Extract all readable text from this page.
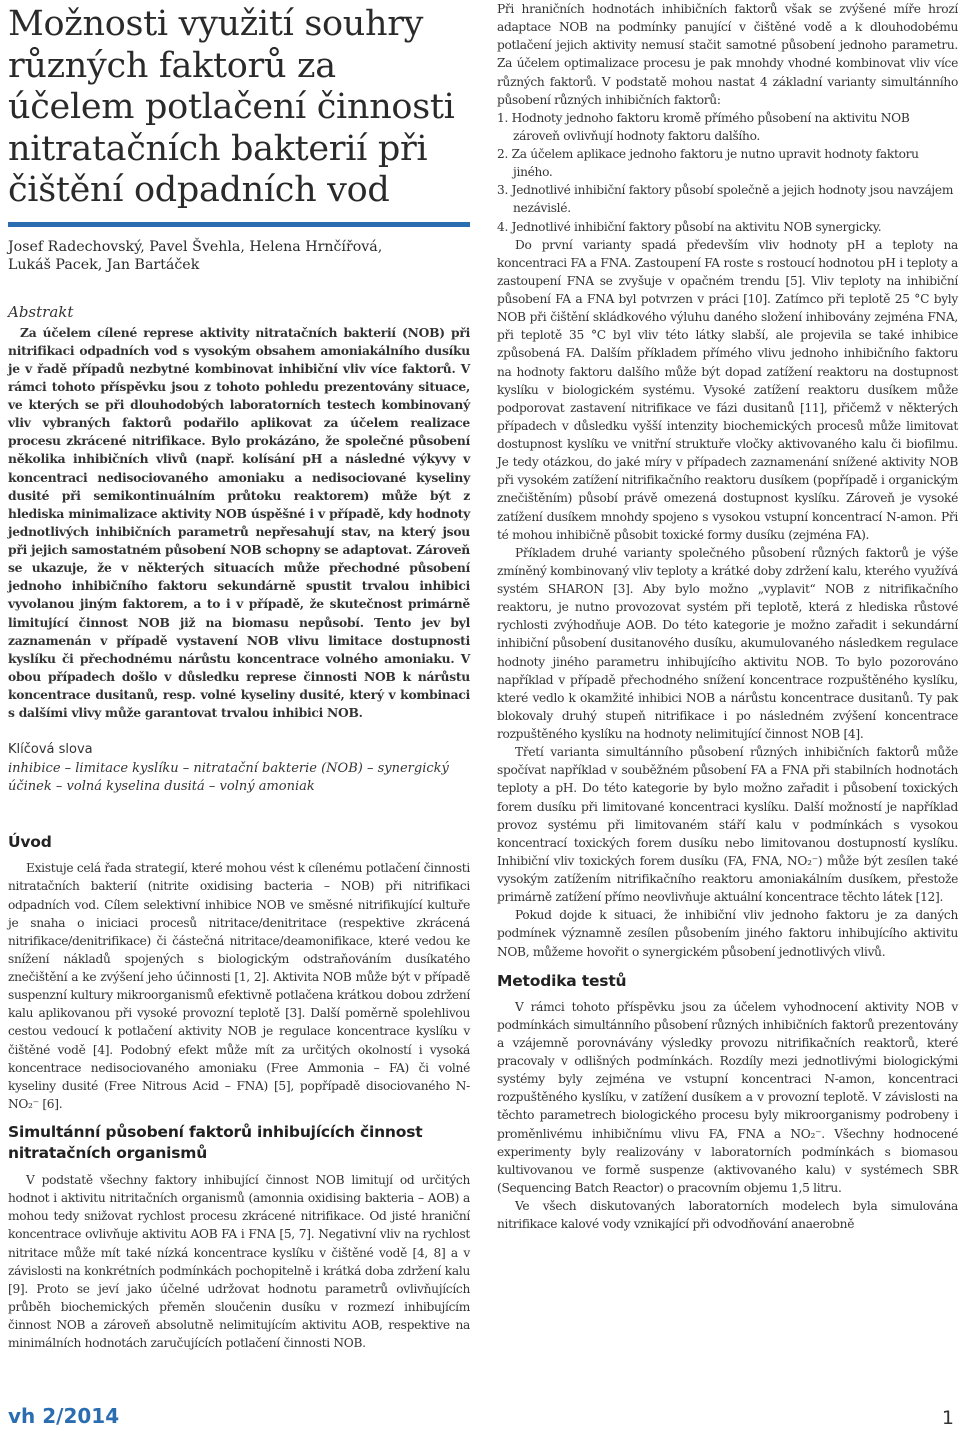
Možnosti využití souhry různých faktorů za účelem potlačení činnosti nitratačních bakterií při čištění odpadních vod
Josef Radechovský, Pavel Švehla, Helena Hrnčířová,
Lukáš Pacek, Jan Bartáček
Abstrakt

Za účelem cílené represe aktivity nitratačních bakterií (NOB) při nitrifikaci odpadních vod s vysokým obsahem amoniakálního dusíku je v řadě případů nezbytné kombinovat inhibiční vliv více faktorů. V rámci tohoto příspěvku jsou z tohoto pohledu prezentovány situace, ve kterých se při dlouhodobých laboratorních testech kombinovaný vliv vybraných faktorů podařilo aplikovat za účelem realizace procesu zkrácené nitrifikace. Bylo prokázáno, že společné působení několika inhibičních vlivů (např. kolísání pH a následné výkyvy v koncentraci nedisociovaného amoniaku a nedisociované kyseliny dusité při semikontinuálním průtoku reaktorem) může být z hlediska minimalizace aktivity NOB úspěšné i v případě, kdy hodnoty jednotlivých inhibičních parametrů nepřesahují stav, na který jsou při jejich samostatném působení NOB schopny se adaptovat. Zároveň se ukazuje, že v některých situacích může přechodné působení jednoho inhibičního faktoru sekundárně spustit trvalou inhibici vyvolanou jiným faktorem, a to i v případě, že skutečnost primárně limitující činnost NOB již na biomasu nepůsobí. Tento jev byl zaznamenán v případě vystavení NOB vlivu limitace dostupnosti kyslíku či přechodnému nárůstu koncentrace volného amoniaku. V obou případech došlo v důsledku represe činnosti NOB k nárůstu koncentrace dusitanů, resp. volné kyseliny dusité, který v kombinaci s dalšími vlivy může garantovat trvalou inhibici NOB.

Klíčová slova
inhibice – limitace kyslíku – nitratační bakterie (NOB) – synergický účinek – volná kyselina dusitá – volný amoniak
Úvod

Existuje celá řada strategií, které mohou vést k cílenému potlačení činnosti nitratačních bakterií (nitrite oxidising bacteria – NOB) při nitrifikaci odpadních vod. Cílem selektivní inhibice NOB ve směsné nitrifikující kultuře je snaha o iniciaci procesů nitritace/denitritace (respektive zkrácená nitrifikace/denitrifikace) či částečná nitritace/deamonifikace, které vedou ke snížení nákladů spojených s biologickým odstraňováním dusíkatého znečištění a ke zvýšení jeho účinnosti [1, 2]. Aktivita NOB může být v případě suspenzní kultury mikroorganismů efektivně potlačena krátkou dobou zdržení kalu aplikovanou při vysoké provozní teplotě [3]. Další poměrně spolehlivou cestou vedoucí k potlačení aktivity NOB je regulace koncentrace kyslíku v čištěné vodě [4]. Podobný efekt může mít za určitých okolností i vysoká koncentrace nedisociovaného amoniaku (Free Ammonia – FA) či volné kyseliny dusité (Free Nitrous Acid – FNA) [5], popřípadě disociovaného N-NO₂⁻ [6].

Simultánní působení faktorů inhibujících činnost nitratačních organismů

V podstatě všechny faktory inhibující činnost NOB limitují od určitých hodnot i aktivitu nitritačních organismů (amonnia oxidising bakteria – AOB) a mohou tedy snižovat rychlost procesu zkrácené nitrifikace. Od jisté hraniční koncentrace ovlivňuje aktivitu AOB FA i FNA [5, 7]. Negativní vliv na rychlost nitritace může mít také nízká koncentrace kyslíku v čištěné vodě [4, 8] a v závislosti na konkrétních podmínkách pochopitelně i krátká doba zdržení kalu [9]. Proto se jeví jako účelné udržovat hodnotu parametrů ovlivňujících průběh biochemických přeměn sloučenin dusíku v rozmezí inhibujícím činnost NOB a zároveň absolutně nelimitujícím aktivitu AOB, respektive na minimálních hodnotách zaručujících potlačení činnosti NOB.

Při hraničních hodnotách inhibičních faktorů však se zvýšené míře hrozí adaptace NOB na podmínky panující v čištěné vodě a k dlouhodobému potlačení jejich aktivity nemusí stačit samotné působení jednoho parametru. Za účelem optimalizace procesu je pak mnohdy vhodné kombinovat vliv více různých faktorů. V podstatě mohou nastat 4 základní varianty simultánního působení různých inhibičních faktorů:

1. Hodnoty jednoho faktoru kromě přímého působení na aktivitu NOB zároveň ovlivňují hodnoty faktoru dalšího.
2. Za účelem aplikace jednoho faktoru je nutno upravit hodnoty faktoru jiného.
3. Jednotlivé inhibiční faktory působí společně a jejich hodnoty jsou navzájem nezávislé.
4. Jednotlivé inhibiční faktory působí na aktivitu NOB synergicky.

Do první varianty spadá především vliv hodnoty pH a teploty na koncentraci FA a FNA. Zastoupení FA roste s rostoucí hodnotou pH i teploty a zastoupení FNA se zvyšuje v opačném trendu [5]. Vliv teploty na inhibiční působení FA a FNA byl potvrzen v práci [10]. Zatímco při teplotě 25 °C byly NOB při čištění skládkového výluhu daného složení inhibovány zejména FNA, při teplotě 35 °C byl vliv této látky slabší, ale projevila se také inhibice způsobená FA. Dalším příkladem přímého vlivu jednoho inhibičního faktoru na hodnoty faktoru dalšího může být dopad zatížení reaktoru na dostupnost kyslíku v biologickém systému. Vysoké zatížení reaktoru dusíkem může podporovat zastavení nitrifikace ve fázi dusitanů [11], přičemž v některých případech v důsledku vyšší intenzity biochemických procesů může limitovat dostupnost kyslíku ve vnitřní struktuře vločky aktivovaného kalu či biofilmu. Je tedy otázkou, do jaké míry v případech zaznamenání snížené aktivity NOB při vysokém zatížení nitrifikačního reaktoru dusíkem (popřípadě i organickým znečištěním) působí právě omezená dostupnost kyslíku. Zároveň je vysoké zatížení dusíkem mnohdy spojeno s vysokou vstupní koncentrací N-amon. Při té mohou inhibičně působit toxické formy dusíku (zejména FA).

Příkladem druhé varianty společného působení různých faktorů je výše zmíněný kombinovaný vliv teploty a krátké doby zdržení kalu, kterého využívá systém SHARON [3]. Aby bylo možno „vyplavit“ NOB z nitrifikačního reaktoru, je nutno provozovat systém při teplotě, která z hlediska růstové rychlosti zvýhodňuje AOB. Do této kategorie je možno zařadit i sekundární inhibiční působení dusitanového dusíku, akumulovaného následkem regulace hodnoty jiného parametru inhibujícího aktivitu NOB. To bylo pozorováno například v případě přechodného snížení koncentrace rozpuštěného kyslíku, které vedlo k okamžité inhibici NOB a nárůstu koncentrace dusitanů. Ty pak blokovaly druhý stupeň nitrifikace i po následném zvýšení koncentrace rozpuštěného kyslíku na hodnoty nelimitující činnost NOB [4].

Třetí varianta simultánního působení různých inhibičních faktorů může spočívat například v souběžném působení FA a FNA při stabilních hodnotách teploty a pH. Do této kategorie by bylo možno zařadit i působení toxických forem dusíku při limitované koncentraci kyslíku. Další možností je například provoz systému při limitovaném stáří kalu v podmínkách s vysokou koncentrací toxických forem dusíku nebo limitovanou dostupností kyslíku. Inhibiční vliv toxických forem dusíku (FA, FNA, NO₂⁻) může být zesílen také vysokým zatížením nitrifikačního reaktoru amoniakálním dusíkem, přestože primárně zatížení přímo neovlivňuje aktuální koncentrace těchto látek [12].

Pokud dojde k situaci, že inhibiční vliv jednoho faktoru je za daných podmínek významně zesílen působením jiného faktoru inhibujícího aktivitu NOB, můžeme hovořit o synergickém působení jednotlivých vlivů.

Metodika testů

V rámci tohoto příspěvku jsou za účelem vyhodnocení aktivity NOB v podmínkách simultánního působení různých inhibičních faktorů prezentovány a vzájemně porovnávány výsledky provozu nitrifikačních reaktorů, které pracovaly v odlišných podmínkách. Rozdíly mezi jednotlivými biologickými systémy byly zejména ve vstupní koncentraci N-amon, koncentraci rozpuštěného kyslíku, v zatížení dusíkem a v provozní teplotě. V závislosti na těchto parametrech biologického procesu byly mikroorganismy podrobeny i proměnlivému inhibičnímu vlivu FA, FNA a NO₂⁻. Všechny hodnocené experimenty byly realizovány v laboratorních podmínkách s biomasou kultivovanou ve formě suspenze (aktivovaného kalu) v systémech SBR (Sequencing Batch Reactor) o pracovním objemu 1,5 litru.

Ve všech diskutovaných laboratorních modelech byla simulována nitrifikace kalové vody vznikající při odvodňování anaerobně

vh 2/2014	1
